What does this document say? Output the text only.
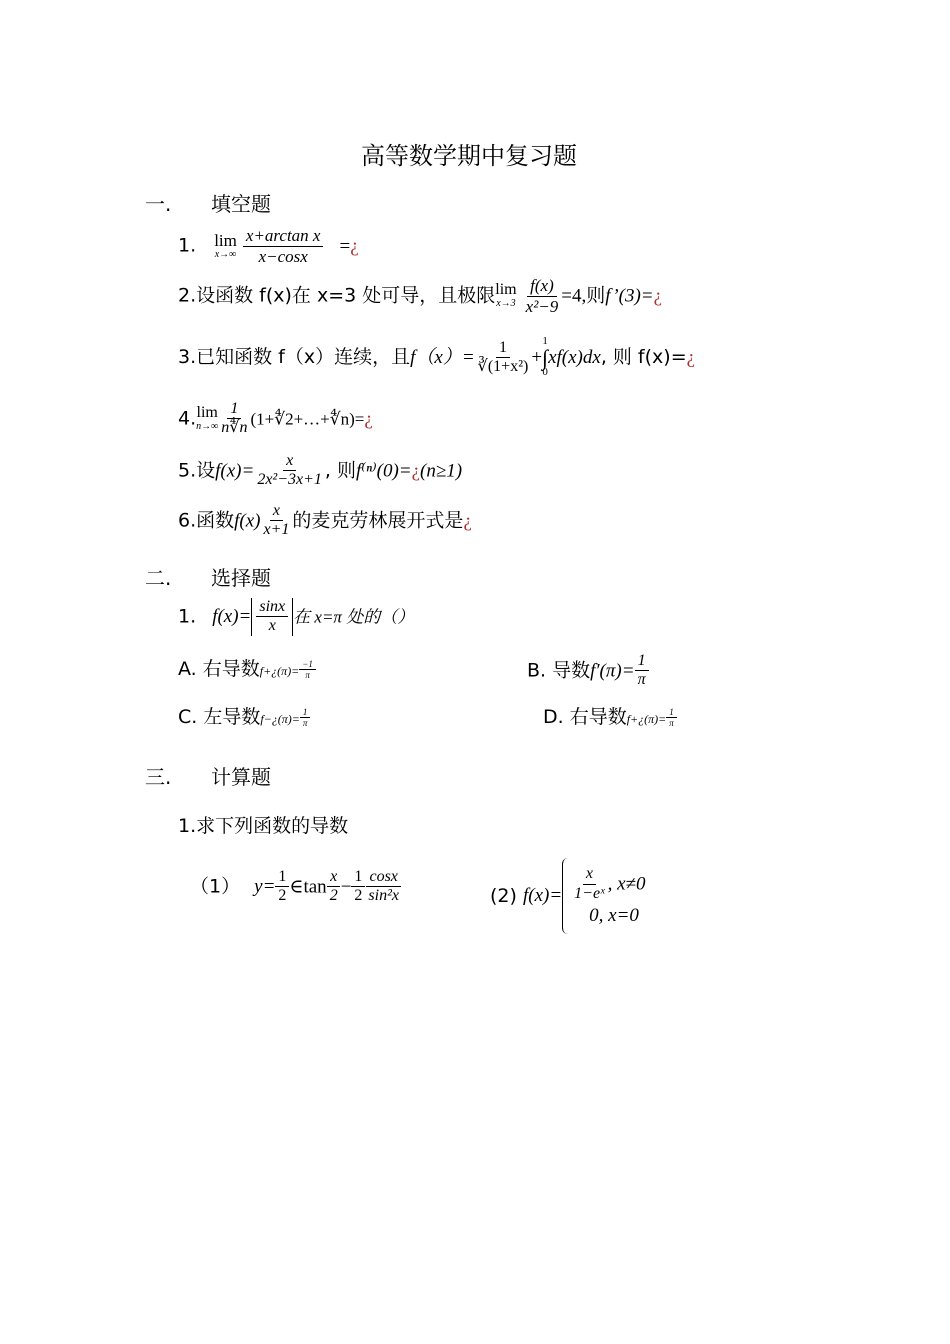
高等数学期中复习题
一. 填空题
1. lim
x→∞
$\frac{\text{x+arctan x}}{x-\cos x}$ =¿
2.设函数 f(x)在 x=3 处可导，且极限 lim
x→3
$\frac{f(x)}{\text{x²−9}} =4$,则f’(3)=¿
3.已知函数 f（x）连续，且$f(x)= \frac{1}{\text{∛(1+x²)}}$ +
1
∫
0
xf(x)dx, 则 f(x)=¿
4. lim
$n\to\infty \frac{1}{n∜n}$ (1+∜2+…+∜n)=¿
5.设$f(x)= \frac{x}{\text{2x²−3x+1}}$ , 则f⁽ⁿ⁾(0)=¿(n≥1)
6.函数$f(x) \frac{x}{x+1}$ 的麦克劳林展开式是¿
二. 选择题
1. $f(x)= \frac{\sin x}{x}$ 在 x=π 处的（）
A. 右导数f+¿(π)= $\frac{-1}{\pi}$	B. 导数$f'(\pi)= \frac{1}{\pi}$
C. 左导数f−¿(π)= $\frac{1}{\pi}$	D. 右导数f+¿(π)= $\frac{1}{\pi}$
三. 计算题
1.求下列函数的导数
（1） $y= \frac{1}{2}$ ∈tan $\frac{x}{2} - \frac{1}{2} \frac{\cos x}{\text{sin²x}}$	(2) $f(x)= \frac{x}{\text{1−eˣ}}$ , x≠0
0, x=0
